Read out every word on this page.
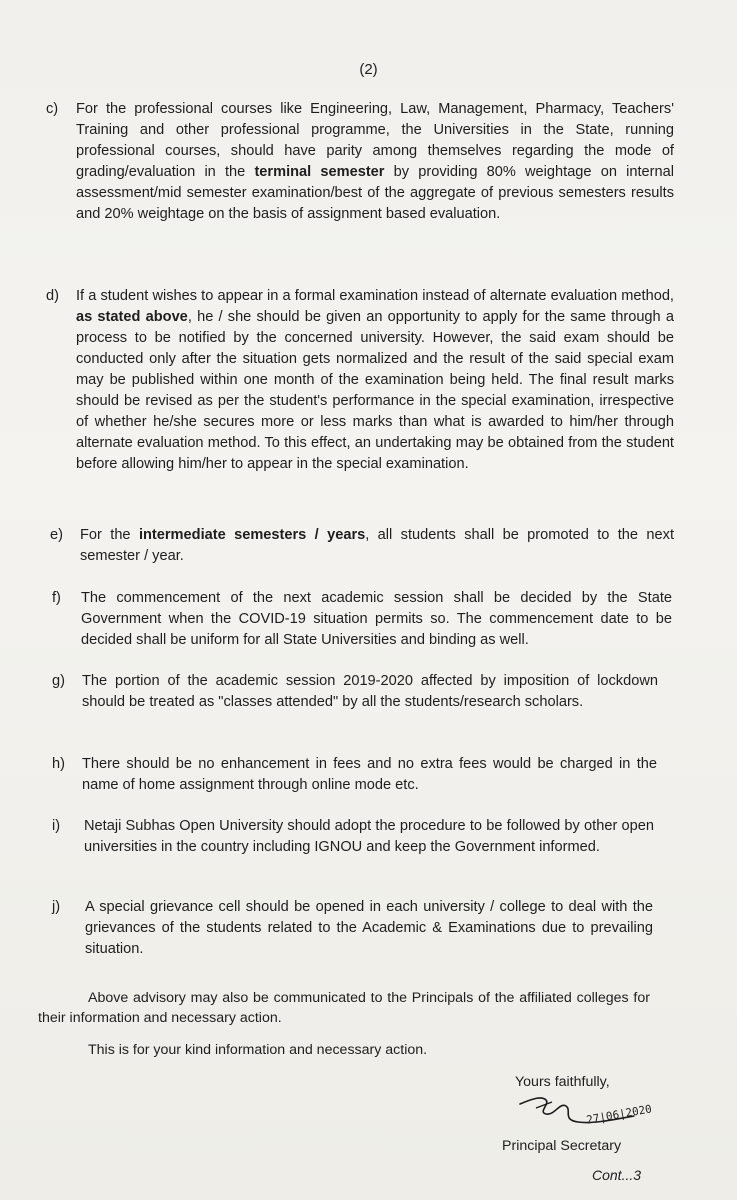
(2)
c) For the professional courses like Engineering, Law, Management, Pharmacy, Teachers' Training and other professional programme, the Universities in the State, running professional courses, should have parity among themselves regarding the mode of grading/evaluation in the terminal semester by providing 80% weightage on internal assessment/mid semester examination/best of the aggregate of previous semesters results and 20% weightage on the basis of assignment based evaluation.
d) If a student wishes to appear in a formal examination instead of alternate evaluation method, as stated above, he / she should be given an opportunity to apply for the same through a process to be notified by the concerned university. However, the said exam should be conducted only after the situation gets normalized and the result of the said special exam may be published within one month of the examination being held. The final result marks should be revised as per the student's performance in the special examination, irrespective of whether he/she secures more or less marks than what is awarded to him/her through alternate evaluation method. To this effect, an undertaking may be obtained from the student before allowing him/her to appear in the special examination.
e) For the intermediate semesters / years, all students shall be promoted to the next semester / year.
f) The commencement of the next academic session shall be decided by the State Government when the COVID-19 situation permits so. The commencement date to be decided shall be uniform for all State Universities and binding as well.
g) The portion of the academic session 2019-2020 affected by imposition of lockdown should be treated as "classes attended" by all the students/research scholars.
h) There should be no enhancement in fees and no extra fees would be charged in the name of home assignment through online mode etc.
i) Netaji Subhas Open University should adopt the procedure to be followed by other open universities in the country including IGNOU and keep the Government informed.
j) A special grievance cell should be opened in each university / college to deal with the grievances of the students related to the Academic & Examinations due to prevailing situation.
Above advisory may also be communicated to the Principals of the affiliated colleges for their information and necessary action.
This is for your kind information and necessary action.
Yours faithfully,
27|06|2020
Principal Secretary
Cont...3
